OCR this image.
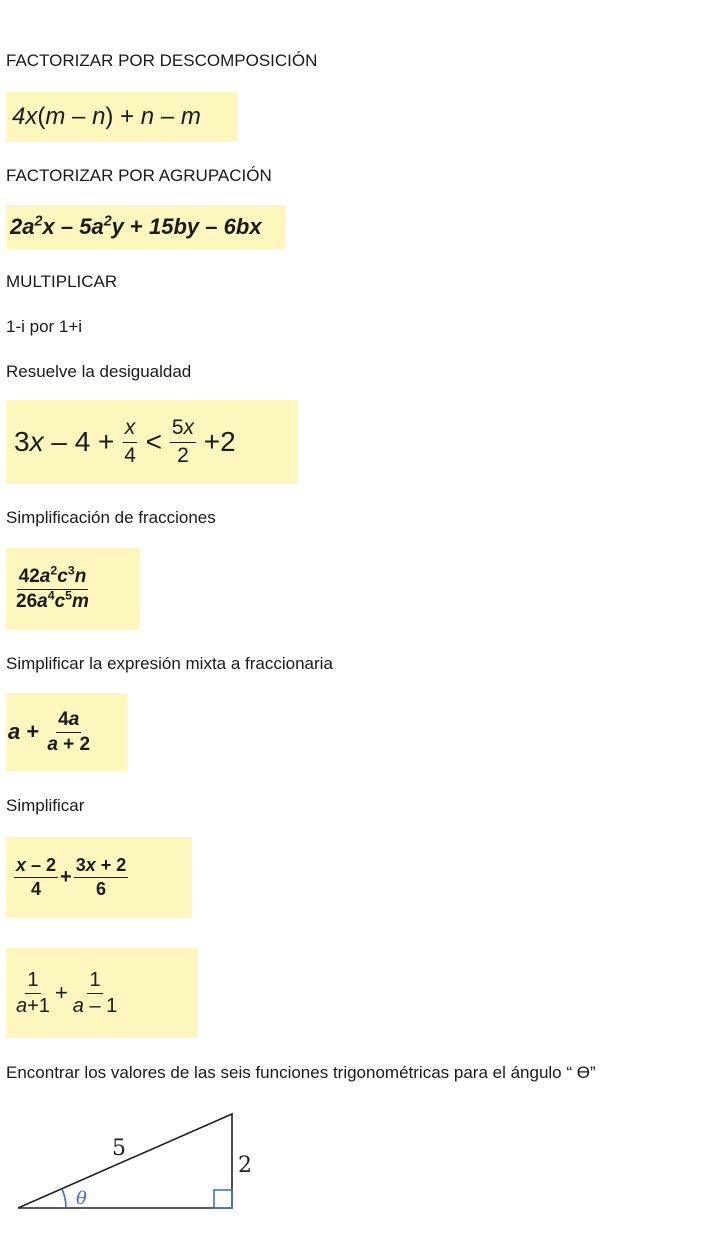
FACTORIZAR POR DESCOMPOSICIÓN
4x(m – n) + n – m
FACTORIZAR POR AGRUPACIÓN
$2a^2x - 5a^2y + 15by - 6bx$
MULTIPLICAR
1-i por 1+i
Resuelve la desigualdad
$3x - 4 + \frac{x}{4} < \frac{5x}{2} +2$
Simplificación de fracciones
$\frac{42a^2c^3n}{26a^4c^5m}$
Simplificar la expresión mixta a fraccionaria
$a + \frac{4a}{a + 2}$
Simplificar
$\frac{x - 2}{4} + \frac{3x + 2}{6}$
$\frac{1}{a+1} + \frac{1}{a - 1}$
Encontrar los valores de las seis funciones trigonométricas para el ángulo “ ϴ”
5
2
θ
